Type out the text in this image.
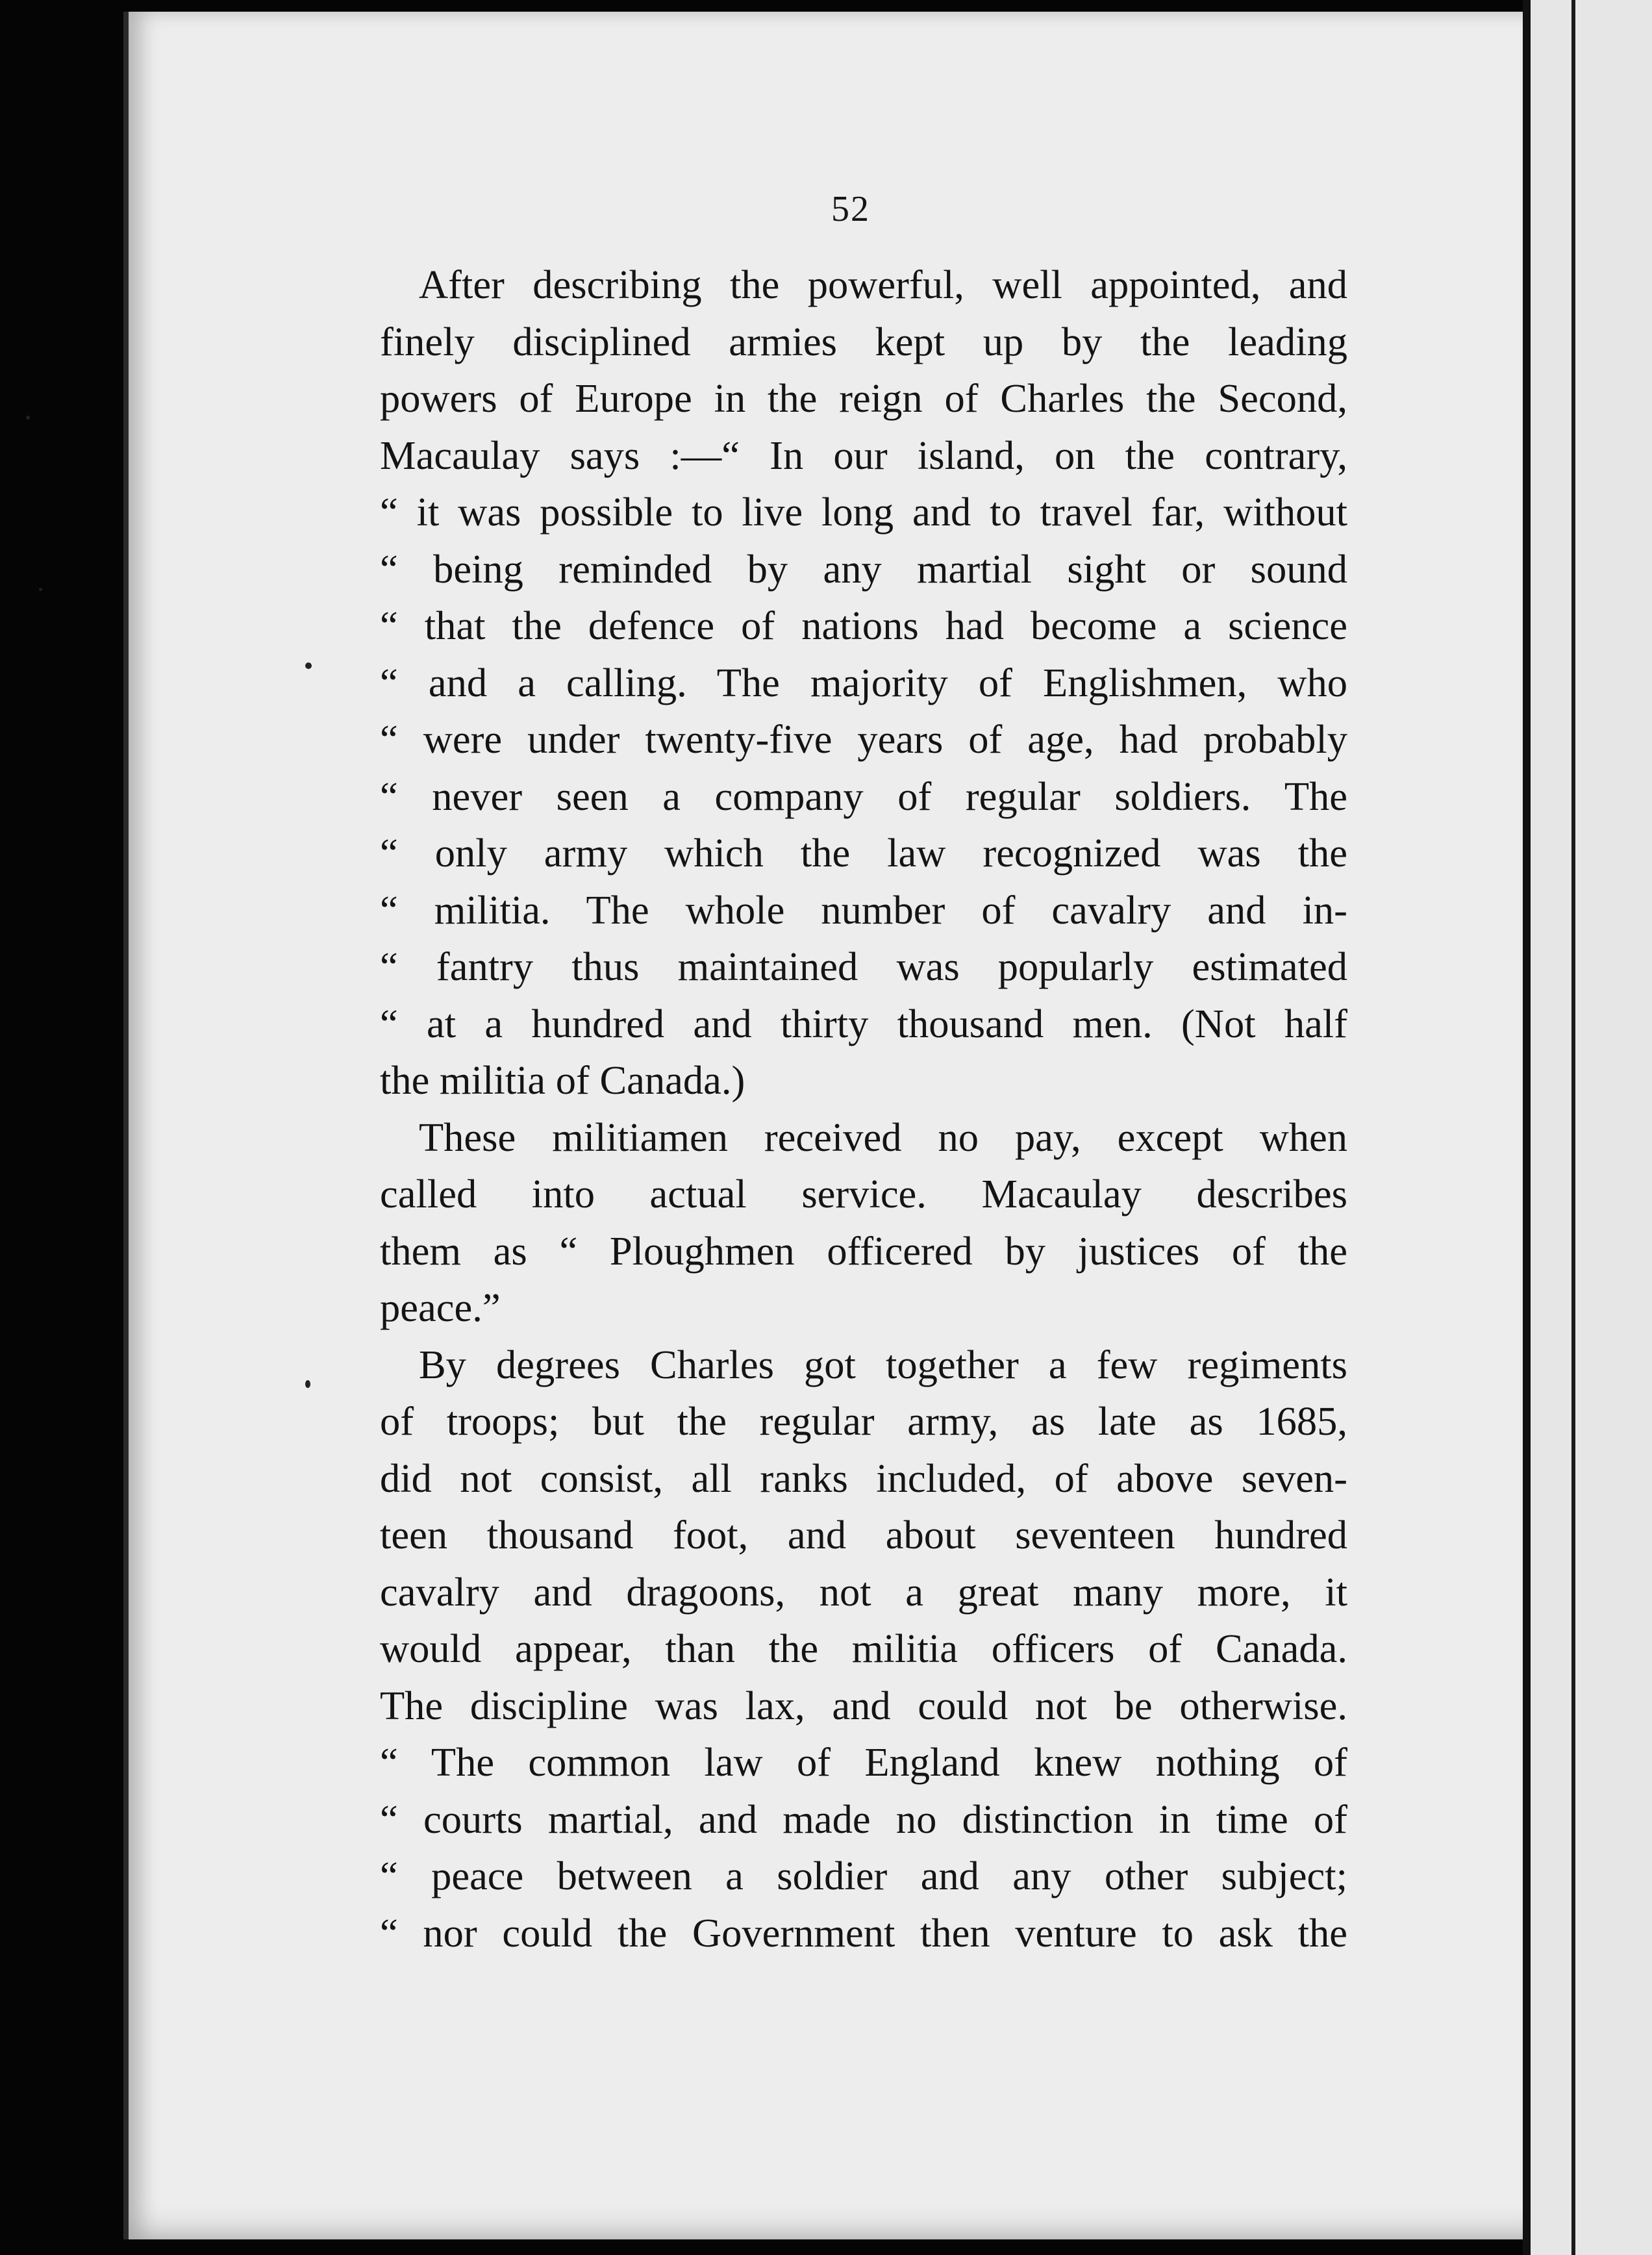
52
After describing the powerful, well appointed, and
finely disciplined armies kept up by the leading
powers of Europe in the reign of Charles the Second,
Macaulay says :—“ In our island, on the contrary,
“ it was possible to live long and to travel far, without
“ being reminded by any martial sight or sound
“ that the defence of nations had become a science
“ and a calling. The majority of Englishmen, who
“ were under twenty-five years of age, had probably
“ never seen a company of regular soldiers. The
“ only army which the law recognized was the
“ militia. The whole number of cavalry and in-
“ fantry thus maintained was popularly estimated
“ at a hundred and thirty thousand men. (Not half
the militia of Canada.)
These militiamen received no pay, except when
called into actual service. Macaulay describes
them as “ Ploughmen officered by justices of the
peace.”
By degrees Charles got together a few regiments
of troops; but the regular army, as late as 1685,
did not consist, all ranks included, of above seven-
teen thousand foot, and about seventeen hundred
cavalry and dragoons, not a great many more, it
would appear, than the militia officers of Canada.
The discipline was lax, and could not be otherwise.
“ The common law of England knew nothing of
“ courts martial, and made no distinction in time of
“ peace between a soldier and any other subject;
“ nor could the Government then venture to ask the
